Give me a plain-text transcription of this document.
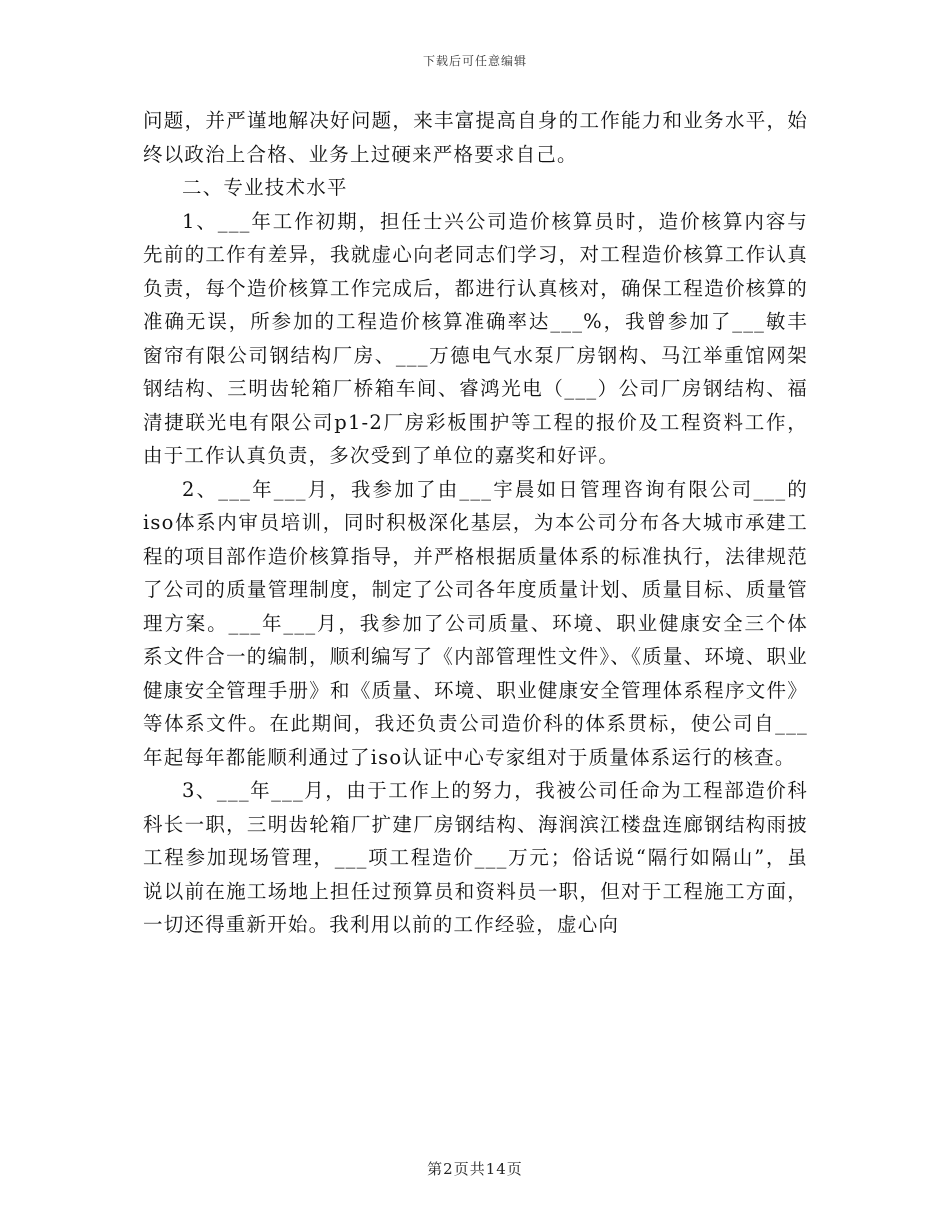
下载后可任意编辑

问题，并严谨地解决好问题，来丰富提高自身的工作能力和业务水平，始终以政治上合格、业务上过硬来严格要求自己。

二、专业技术水平

1、___年工作初期，担任士兴公司造价核算员时，造价核算内容与先前的工作有差异，我就虚心向老同志们学习，对工程造价核算工作认真负责，每个造价核算工作完成后，都进行认真核对，确保工程造价核算的准确无误，所参加的工程造价核算准确率达___%，我曾参加了___敏丰窗帘有限公司钢结构厂房、___万德电气水泵厂房钢构、马江举重馆网架钢结构、三明齿轮箱厂桥箱车间、睿鸿光电（___）公司厂房钢结构、福清捷联光电有限公司p1-2厂房彩板围护等工程的报价及工程资料工作，由于工作认真负责，多次受到了单位的嘉奖和好评。

2、___年___月，我参加了由___宇晨如日管理咨询有限公司___的iso体系内审员培训，同时积极深化基层，为本公司分布各大城市承建工程的项目部作造价核算指导，并严格根据质量体系的标准执行，法律规范了公司的质量管理制度，制定了公司各年度质量计划、质量目标、质量管理方案。___年___月，我参加了公司质量、环境、职业健康安全三个体系文件合一的编制，顺利编写了《内部管理性文件》、《质量、环境、职业健康安全管理手册》和《质量、环境、职业健康安全管理体系程序文件》等体系文件。在此期间，我还负责公司造价科的体系贯标，使公司自___年起每年都能顺利通过了iso认证中心专家组对于质量体系运行的核查。

3、___年___月，由于工作上的努力，我被公司任命为工程部造价科科长一职，三明齿轮箱厂扩建厂房钢结构、海润滨江楼盘连廊钢结构雨披工程参加现场管理，___项工程造价___万元；俗话说“隔行如隔山”，虽说以前在施工场地上担任过预算员和资料员一职，但对于工程施工方面，一切还得重新开始。我利用以前的工作经验，虚心向

第2页共14页
